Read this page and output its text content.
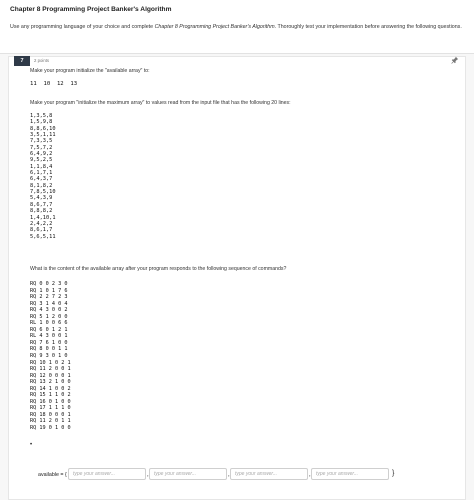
Chapter 8 Programming Project Banker's Algorithm
Use any programming language of your choice and complete Chapter 8 Programming Project Banker's Algorithm. Thoroughly test your implementation before answering the following questions.
7	2 points
Make your program initialize the "available array" to:
11  10  12  13
Make your program "initialize the maximum array" to values read from the input file that has the following 20 lines:
1,3,5,8
1,5,9,8
8,8,6,10
3,5,1,11
7,3,3,5
7,5,7,2
6,4,9,2
9,5,2,5
1,1,8,4
6,1,7,1
6,4,3,7
8,1,8,2
7,8,5,10
5,4,3,9
8,6,7,7
8,8,8,2
1,4,10,1
2,4,2,2
8,6,1,7
5,6,5,11
What is the content of the available array after your program responds to the following sequence of commands?
RQ 0 0 2 3 0
RQ 1 0 1 7 6
RQ 2 2 7 2 3
RQ 3 1 4 0 4
RQ 4 3 0 0 2
RQ 5 1 2 0 0
RL 1 0 0 6 6
RQ 6 0 1 2 1
RL 4 3 0 0 1
RQ 7 6 1 0 0
RQ 8 0 0 1 1
RQ 9 3 0 1 0
RQ 10 1 0 2 1
RQ 11 2 0 0 1
RQ 12 0 0 0 1
RQ 13 2 1 0 0
RQ 14 1 0 0 2
RQ 15 1 1 0 2
RQ 16 0 1 0 0
RQ 17 1 1 1 0
RQ 18 0 0 0 1
RQ 11 2 0 1 1
RQ 19 0 1 0 0
•
available = {
type your answer...	,
type your answer...	,
type your answer...	,
type your answer...	}
